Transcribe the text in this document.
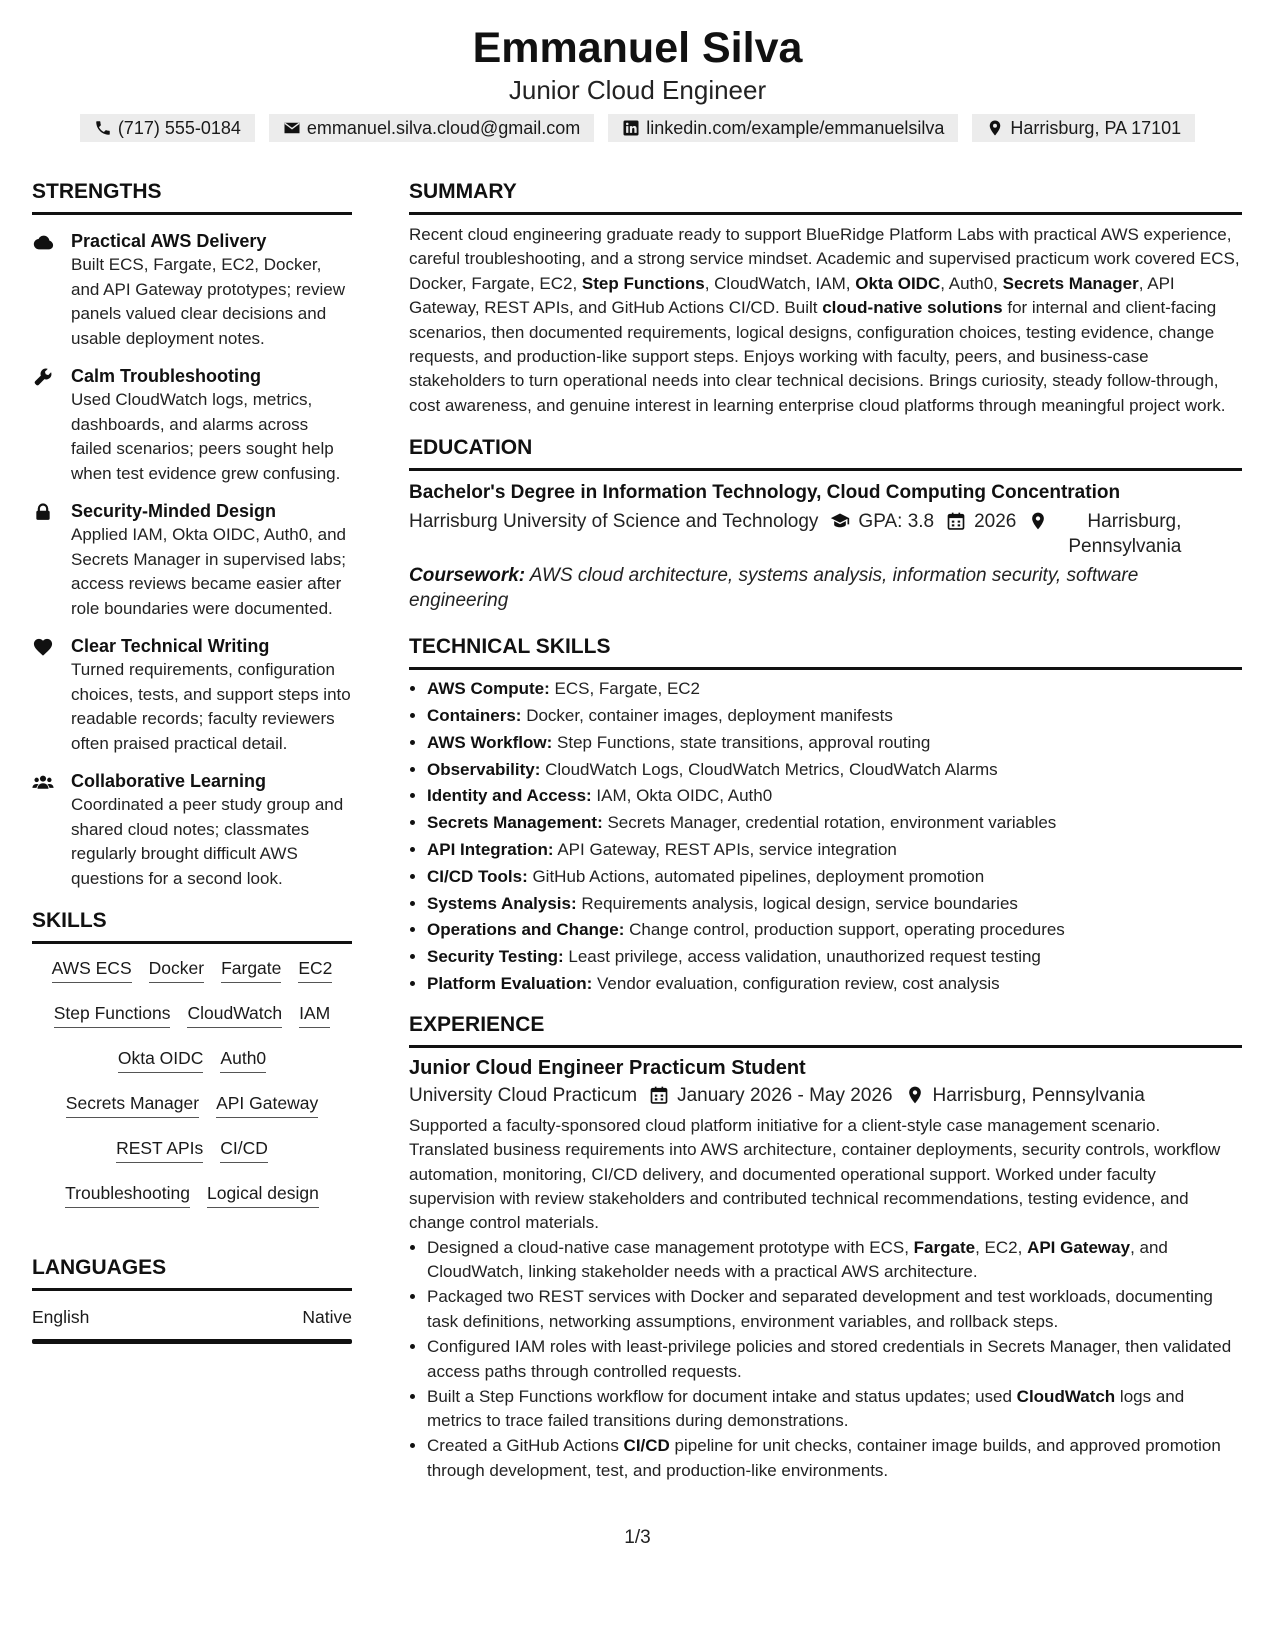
Emmanuel Silva
Junior Cloud Engineer
(717) 555-0184	emmanuel.silva.cloud@gmail.com	linkedin.com/example/emmanuelsilva	Harrisburg, PA 17101
STRENGTHS
Practical AWS Delivery
Built ECS, Fargate, EC2, Docker, and API Gateway prototypes; review panels valued clear decisions and usable deployment notes.
Calm Troubleshooting
Used CloudWatch logs, metrics, dashboards, and alarms across failed scenarios; peers sought help when test evidence grew confusing.
Security-Minded Design
Applied IAM, Okta OIDC, Auth0, and Secrets Manager in supervised labs; access reviews became easier after role boundaries were documented.
Clear Technical Writing
Turned requirements, configuration choices, tests, and support steps into readable records; faculty reviewers often praised practical detail.
Collaborative Learning
Coordinated a peer study group and shared cloud notes; classmates regularly brought difficult AWS questions for a second look.
SKILLS
AWS ECS Docker Fargate EC2
Step Functions CloudWatch IAM
Okta OIDC Auth0
Secrets Manager API Gateway
REST APIs CI/CD
Troubleshooting Logical design
LANGUAGES
English	Native
SUMMARY
Recent cloud engineering graduate ready to support BlueRidge Platform Labs with practical AWS experience, careful troubleshooting, and a strong service mindset. Academic and supervised practicum work covered ECS, Docker, Fargate, EC2, Step Functions, CloudWatch, IAM, Okta OIDC, Auth0, Secrets Manager, API Gateway, REST APIs, and GitHub Actions CI/CD. Built cloud-native solutions for internal and client-facing scenarios, then documented requirements, logical designs, configuration choices, testing evidence, change requests, and production-like support steps. Enjoys working with faculty, peers, and business-case stakeholders to turn operational needs into clear technical decisions. Brings curiosity, steady follow-through, cost awareness, and genuine interest in learning enterprise cloud platforms through meaningful project work.
EDUCATION
Bachelor's Degree in Information Technology, Cloud Computing Concentration
Harrisburg University of Science and Technology GPA: 3.8 2026	Harrisburg, Pennsylvania
Coursework: AWS cloud architecture, systems analysis, information security, software engineering
TECHNICAL SKILLS
• AWS Compute: ECS, Fargate, EC2
• Containers: Docker, container images, deployment manifests
• AWS Workflow: Step Functions, state transitions, approval routing
• Observability: CloudWatch Logs, CloudWatch Metrics, CloudWatch Alarms
• Identity and Access: IAM, Okta OIDC, Auth0
• Secrets Management: Secrets Manager, credential rotation, environment variables
• API Integration: API Gateway, REST APIs, service integration
• CI/CD Tools: GitHub Actions, automated pipelines, deployment promotion
• Systems Analysis: Requirements analysis, logical design, service boundaries
• Operations and Change: Change control, production support, operating procedures
• Security Testing: Least privilege, access validation, unauthorized request testing
• Platform Evaluation: Vendor evaluation, configuration review, cost analysis
EXPERIENCE
Junior Cloud Engineer Practicum Student
University Cloud Practicum January 2026 - May 2026 Harrisburg, Pennsylvania
Supported a faculty-sponsored cloud platform initiative for a client-style case management scenario. Translated business requirements into AWS architecture, container deployments, security controls, workflow automation, monitoring, CI/CD delivery, and documented operational support. Worked under faculty supervision with review stakeholders and contributed technical recommendations, testing evidence, and change control materials.
• Designed a cloud-native case management prototype with ECS, Fargate, EC2, API Gateway, and CloudWatch, linking stakeholder needs with a practical AWS architecture.
• Packaged two REST services with Docker and separated development and test workloads, documenting task definitions, networking assumptions, environment variables, and rollback steps.
• Configured IAM roles with least-privilege policies and stored credentials in Secrets Manager, then validated access paths through controlled requests.
• Built a Step Functions workflow for document intake and status updates; used CloudWatch logs and metrics to trace failed transitions during demonstrations.
• Created a GitHub Actions CI/CD pipeline for unit checks, container image builds, and approved promotion through development, test, and production-like environments.
1/3
